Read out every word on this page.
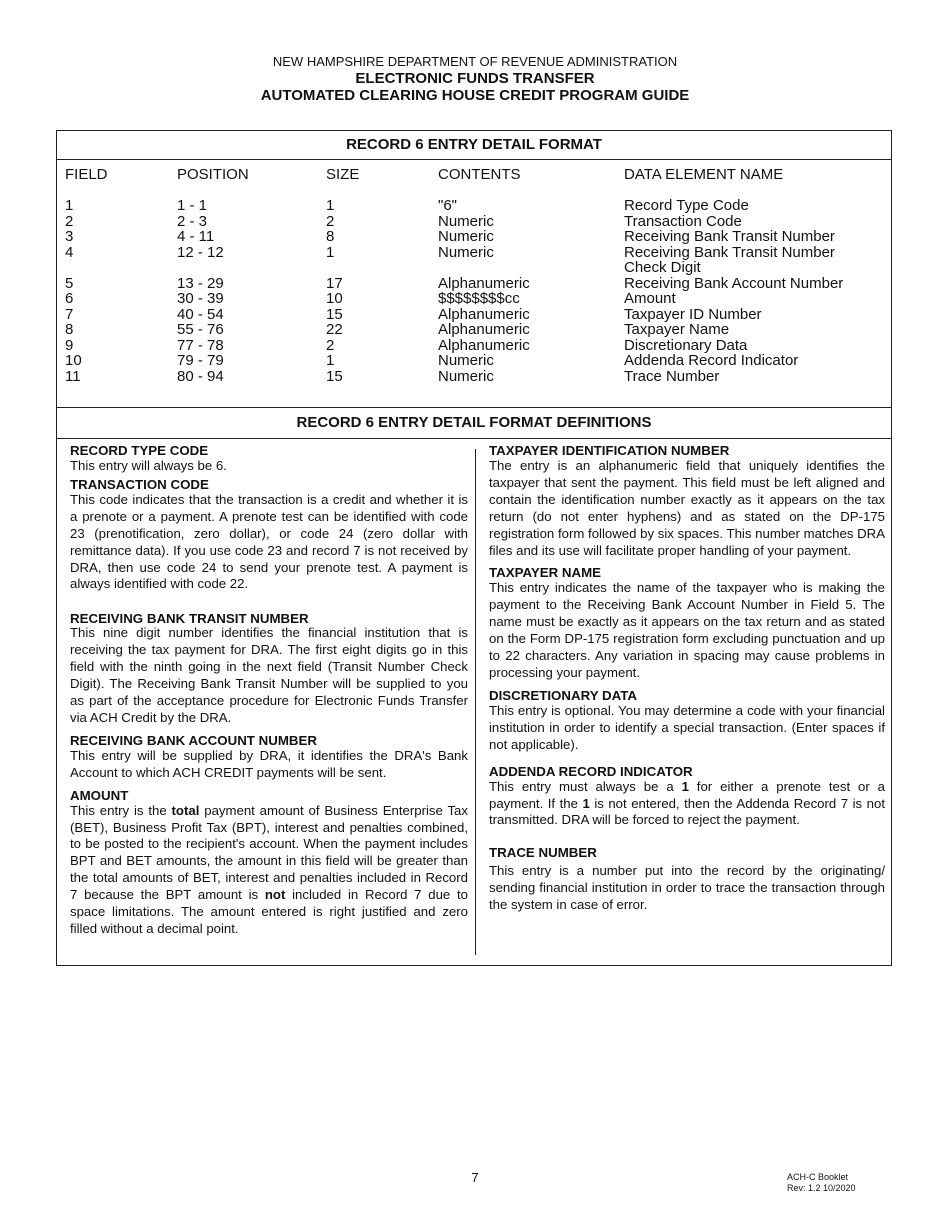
NEW HAMPSHIRE DEPARTMENT OF REVENUE ADMINISTRATION
ELECTRONIC FUNDS TRANSFER
AUTOMATED CLEARING HOUSE CREDIT PROGRAM GUIDE
RECORD 6 ENTRY DETAIL FORMAT
FIELD	POSITION	SIZE	CONTENTS	DATA ELEMENT NAME
1	1 - 1	1	"6"	Record Type Code
2	2 - 3	2	Numeric	Transaction Code
3	4 - 11	8	Numeric	Receiving Bank Transit Number
4	12 - 12	1	Numeric	Receiving Bank Transit Number Check Digit
5	13 - 29	17	Alphanumeric	Receiving Bank Account Number
6	30 - 39	10	$$$$$$$$cc	Amount
7	40 - 54	15	Alphanumeric	Taxpayer ID Number
8	55 - 76	22	Alphanumeric	Taxpayer Name
9	77 - 78	2	Alphanumeric	Discretionary Data
10	79 - 79	1	Numeric	Addenda Record Indicator
11	80 - 94	15	Numeric	Trace Number
RECORD 6 ENTRY DETAIL FORMAT DEFINITIONS
RECORD TYPE CODE

This entry will always be 6.

TRANSACTION CODE

This code indicates that the transaction is a credit and whether it is a prenote or a payment. A prenote test can be identified with code 23 (prenotification, zero dollar), or code 24 (zero dollar with remittance data). If you use code 23 and record 7 is not received by DRA, then use code 24 to send your prenote test. A payment is always identified with code 22.

RECEIVING BANK TRANSIT NUMBER

This nine digit number identifies the financial institution that is receiving the tax payment for DRA. The first eight digits go in this field with the ninth going in the next field (Transit Number Check Digit). The Receiving Bank Transit Number will be supplied to you as part of the acceptance procedure for Electronic Funds Transfer via ACH Credit by the DRA.

RECEIVING BANK ACCOUNT NUMBER

This entry will be supplied by DRA, it identifies the DRA's Bank Account to which ACH CREDIT payments will be sent.

AMOUNT

This entry is the total payment amount of Business Enterprise Tax (BET), Business Profit Tax (BPT), interest and penalties combined, to be posted to the recipient's account. When the payment includes BPT and BET amounts, the amount in this field will be greater than the total amounts of BET, interest and penalties included in Record 7 because the BPT amount is not included in Record 7 due to space limitations. The amount entered is right justified and zero filled without a decimal point.

TAXPAYER IDENTIFICATION NUMBER

The entry is an alphanumeric field that uniquely identifies the taxpayer that sent the payment. This field must be left aligned and contain the identification number exactly as it appears on the tax return (do not enter hyphens) and as stated on the DP-175 registration form followed by six spaces. This number matches DRA files and its use will facilitate proper handling of your payment.

TAXPAYER NAME

This entry indicates the name of the taxpayer who is making the payment to the Receiving Bank Account Number in Field 5. The name must be exactly as it appears on the tax return and as stated on the Form DP-175 registration form excluding punctuation and up to 22 characters. Any variation in spacing may cause problems in processing your payment.

DISCRETIONARY DATA

This entry is optional. You may determine a code with your financial institution in order to identify a special transaction. (Enter spaces if not applicable).

ADDENDA RECORD INDICATOR

This entry must always be a 1 for either a prenote test or a payment. If the 1 is not entered, then the Addenda Record 7 is not transmitted. DRA will be forced to reject the payment.

TRACE NUMBER

This entry is a number put into the record by the originating/ sending financial institution in order to trace the transaction through the system in case of error.

7	ACH-C Booklet
Rev: 1.2 10/2020
